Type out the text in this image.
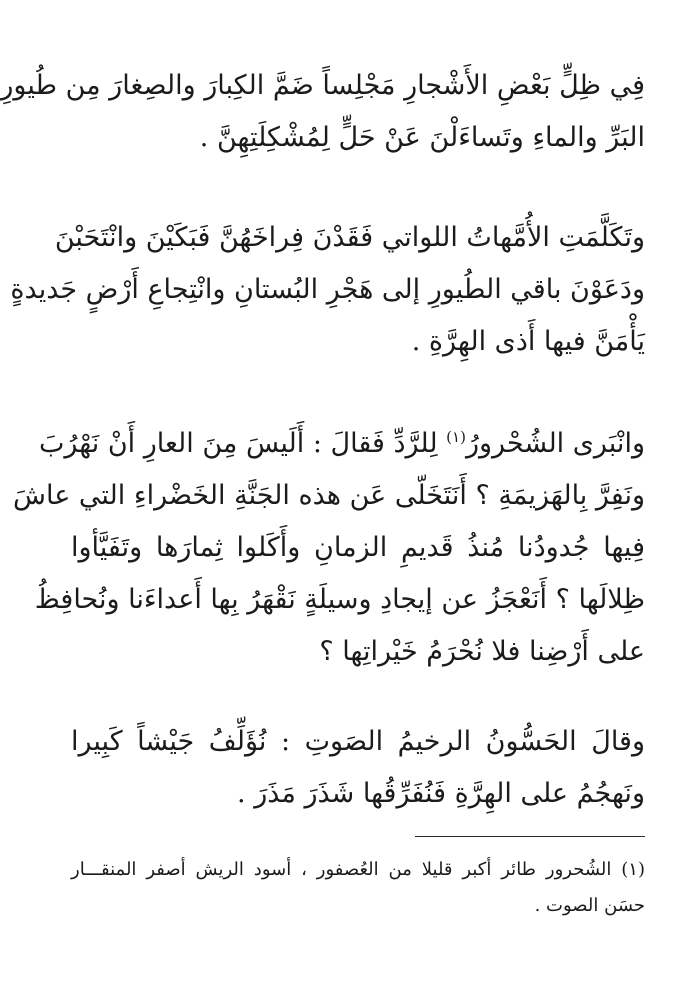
فِي ظِلٍّ بَعْضِ الأَشْجارِ مَجْلِساً ضَمَّ الكِبارَ والصِغارَ مِن طُيورِ
البَرِّ والماءِ وتَساءَلْنَ عَنْ حَلٍّ لِمُشْكِلَتِهِنَّ .
وتَكَلَّمَتِ الأُمَّهاتُ اللواتي فَقَدْنَ فِراخَهُنَّ فَبَكَيْنَ وانْتَحَبْنَ
ودَعَوْنَ باقي الطُيورِ إلى هَجْرِ البُستانِ وانْتِجاعِ أَرْضٍ جَديدةٍ
يَأْمَنَّ فيها أَذى الهِرَّةِ .
وانْبَرى الشُحْرورُ$^{(١)}$ لِلرَّدِّ فَقالَ : أَلَيسَ مِنَ العارِ أَنْ نَهْرُبَ
ونَفِرَّ بِالهَزيمَةِ ؟ أَنَتَخَلّى عَن هذه الجَنَّةِ الخَضْراءِ التي عاشَ
فِيها جُدودُنا مُنذُ قَديمِ الزمانِ وأَكَلوا ثِمارَها وتَفَيَّأوا
ظِلالَها ؟ أَنَعْجَزُ عن إيجادِ وسيلَةٍ نَقْهَرُ بِها أَعداءَنا ونُحافِظُ
على أَرْضِنا فلا نُحْرَمُ خَيْراتِها ؟
وقالَ الحَسُّونُ الرخيمُ الصَوتِ : نُؤَلِّفُ جَيْشاً كَبِيرا
ونَهجُمُ على الهِرَّةِ فَنُفَرِّقُها شَذَرَ مَذَرَ .
(١) الشُحرور طائر أكبر قليلا من العُصفور ، أسود الريش أصفر المنقـــار
حسَن الصوت .
